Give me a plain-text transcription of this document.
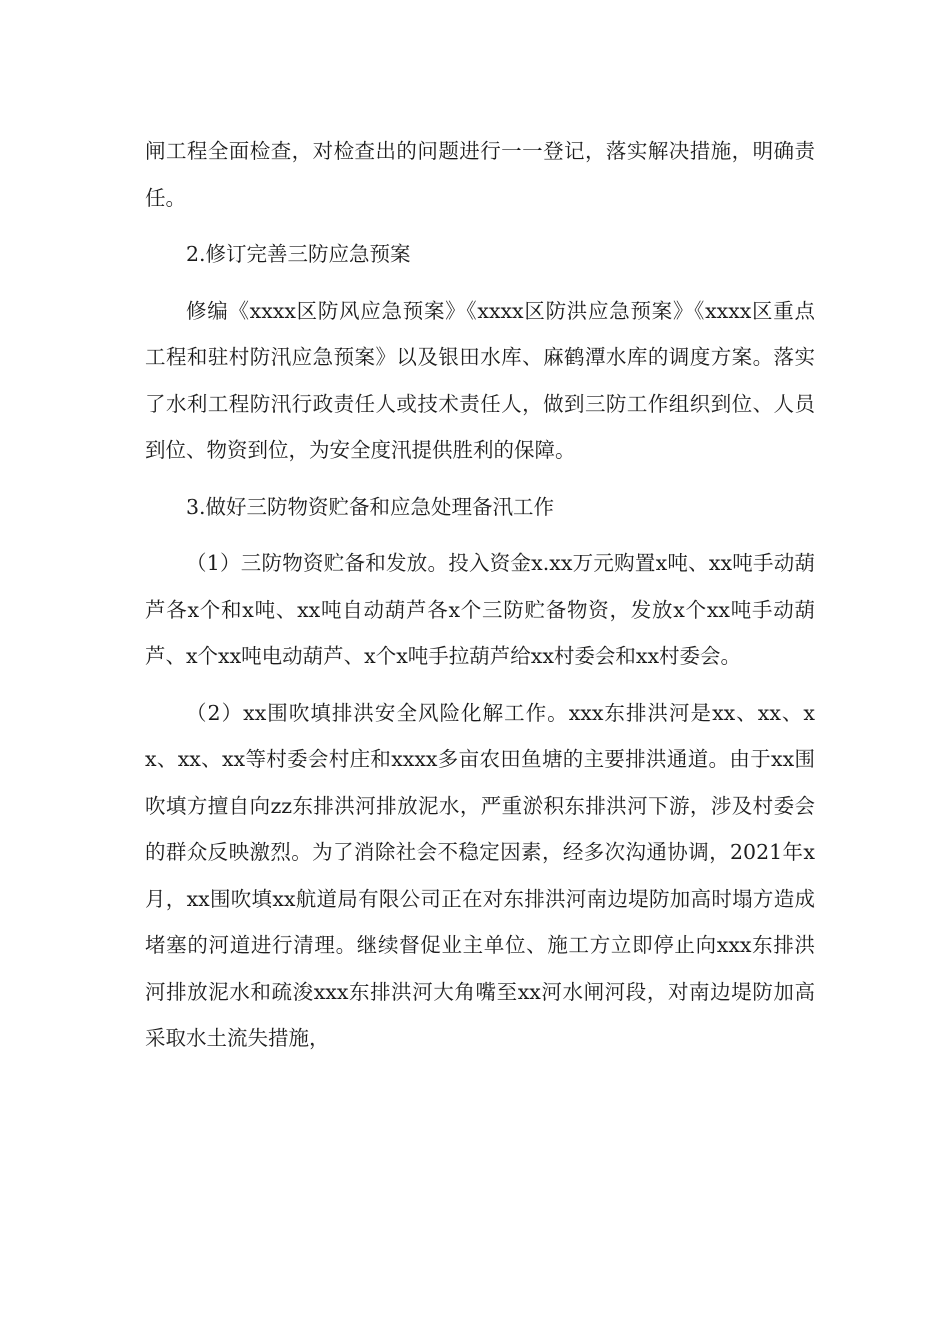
闸工程全面检查，对检查出的问题进行一一登记，落实解决措施，明确责任。

2.修订完善三防应急预案

修编《xxxx区防风应急预案》《xxxx区防洪应急预案》《xxxx区重点工程和驻村防汛应急预案》以及银田水库、麻鹤潭水库的调度方案。落实了水利工程防汛行政责任人或技术责任人，做到三防工作组织到位、人员到位、物资到位，为安全度汛提供胜利的保障。

3.做好三防物资贮备和应急处理备汛工作

（1）三防物资贮备和发放。投入资金x.xx万元购置x吨、xx吨手动葫芦各x个和x吨、xx吨自动葫芦各x个三防贮备物资，发放x个xx吨手动葫芦、x个xx吨电动葫芦、x个x吨手拉葫芦给xx村委会和xx村委会。

（2）xx围吹填排洪安全风险化解工作。xxx东排洪河是xx、xx、xx、xx、xx等村委会村庄和xxxx多亩农田鱼塘的主要排洪通道。由于xx围吹填方擅自向zz东排洪河排放泥水，严重淤积东排洪河下游，涉及村委会的群众反映激烈。为了消除社会不稳定因素，经多次沟通协调，2021年x月，xx围吹填xx航道局有限公司正在对东排洪河南边堤防加高时塌方造成堵塞的河道进行清理。继续督促业主单位、施工方立即停止向xxx东排洪河排放泥水和疏浚xxx东排洪河大角嘴至xx河水闸河段，对南边堤防加高采取水土流失措施，
